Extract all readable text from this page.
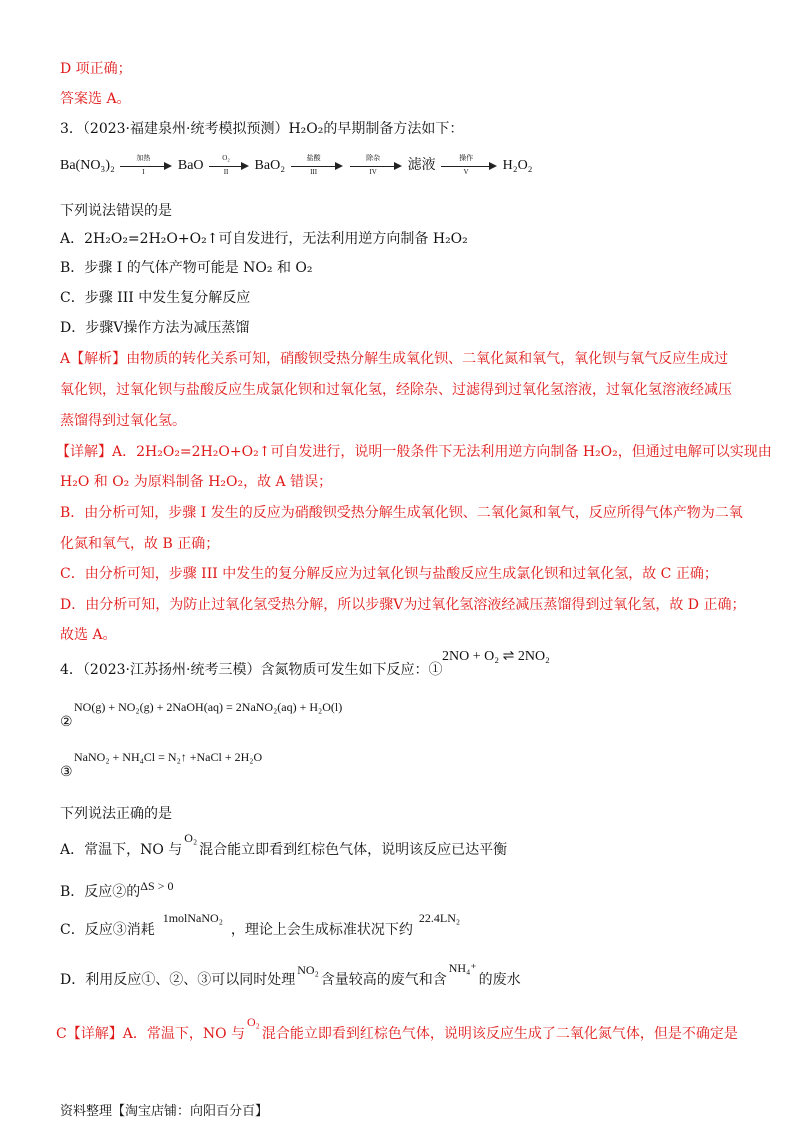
D 项正确；
答案选 A。
3．（2023·福建泉州·统考模拟预测）H₂O₂的早期制备方法如下：
Ba(NO₃)₂
加热
I	BaO $\frac{\text{O₂}}{II} BaO_2$
盐酸
III

除杂
IV	滤液
操作
V	H₂O₂
下列说法错误的是
A．2H₂O₂=2H₂O+O₂↑可自发进行，无法利用逆方向制备 H₂O₂
B．步骤 I 的气体产物可能是 NO₂ 和 O₂
C．步骤 III 中发生复分解反应
D．步骤Ⅴ操作方法为减压蒸馏
A【解析】由物质的转化关系可知，硝酸钡受热分解生成氧化钡、二氧化氮和氧气，氧化钡与氧气反应生成过
氧化钡，过氧化钡与盐酸反应生成氯化钡和过氧化氢，经除杂、过滤得到过氧化氢溶液，过氧化氢溶液经减压
蒸馏得到过氧化氢。
【详解】A．2H₂O₂=2H₂O+O₂↑可自发进行，说明一般条件下无法利用逆方向制备 H₂O₂，但通过电解可以实现由
H₂O 和 O₂ 为原料制备 H₂O₂，故 A 错误；
B．由分析可知，步骤 I 发生的反应为硝酸钡受热分解生成氧化钡、二氧化氮和氧气，反应所得气体产物为二氧
化氮和氧气，故 B 正确；
C．由分析可知，步骤 III 中发生的复分解反应为过氧化钡与盐酸反应生成氯化钡和过氧化氢，故 C 正确；
D．由分析可知，为防止过氧化氢受热分解，所以步骤Ⅴ为过氧化氢溶液经减压蒸馏得到过氧化氢，故 D 正确；
故选 A。
4．（2023·江苏扬州·统考三模）含氮物质可发生如下反应：①
2NO + O₂ ⇌ 2NO₂
NO(g) + NO₂(g) + 2NaOH(aq) = 2NaNO₂(aq) + H₂O(l)
②
NaNO₂ + NH₄Cl = N₂↑ +NaCl + 2H₂O
③
下列说法正确的是
A．常温下，NO 与O₂混合能立即看到红棕色气体，说明该反应已达平衡
B．反应②的ΔS > 0
C．反应③消耗1molNaNO₂，理论上会生成标准状况下约22.4LN₂
D．利用反应①、②、③可以同时处理NO₂含量较高的废气和含NH₄⁺的废水
C【详解】A．常温下，NO 与O₂混合能立即看到红棕色气体，说明该反应生成了二氧化氮气体，但是不确定是
资料整理【淘宝店铺：向阳百分百】
